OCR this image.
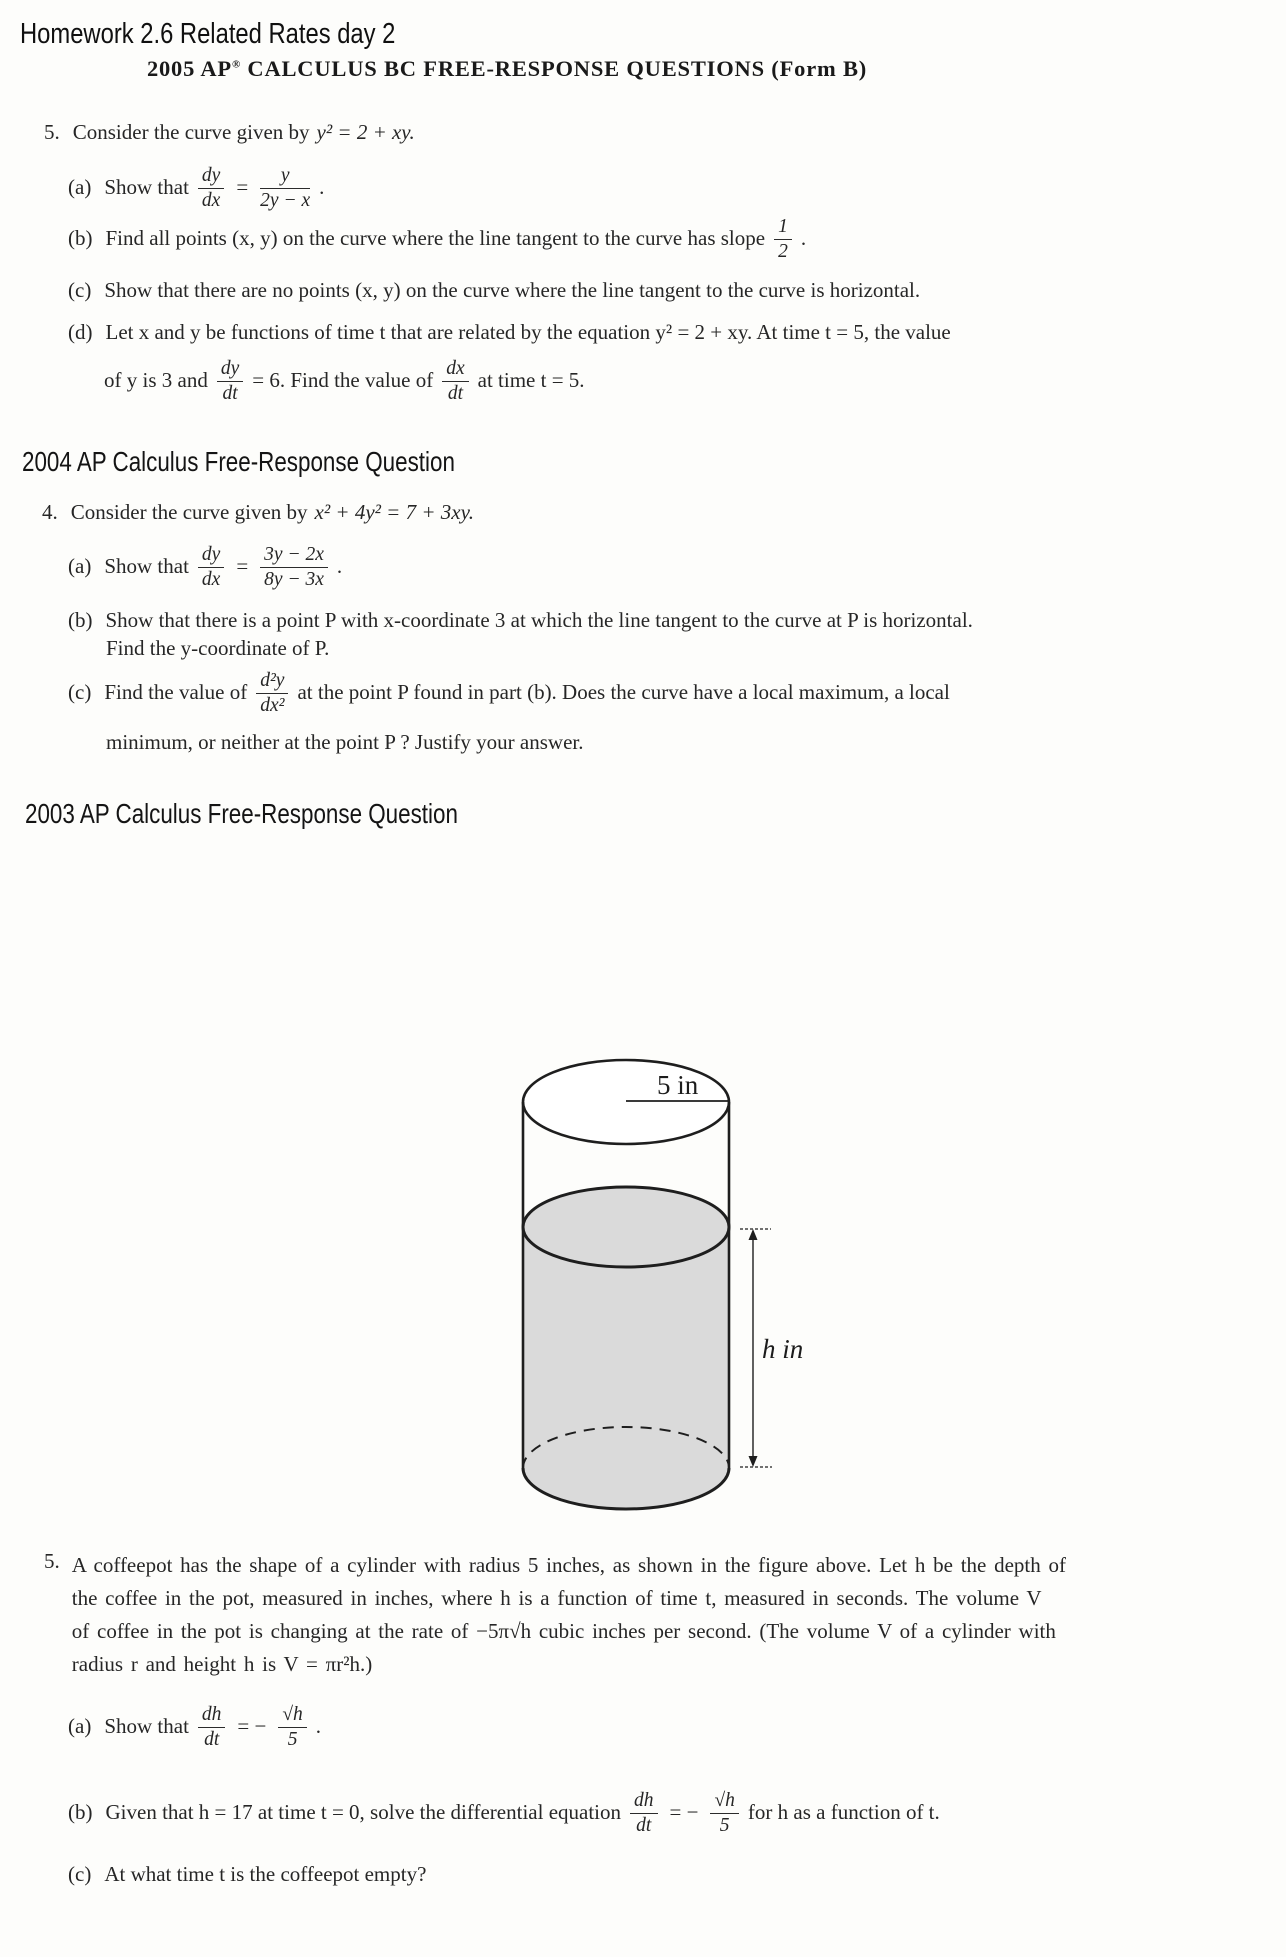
Homework 2.6 Related Rates day 2
2005 AP® CALCULUS BC FREE-RESPONSE QUESTIONS (Form B)
5. Consider the curve given by y² = 2 + xy.
(a) Show that $\frac{dy}{dx} = \frac{y}{2y - x}$ .
(b) Find all points (x, y) on the curve where the line tangent to the curve has slope $\frac{1}{2}$ .
(c) Show that there are no points (x, y) on the curve where the line tangent to the curve is horizontal.
(d) Let x and y be functions of time t that are related by the equation y² = 2 + xy. At time t = 5, the value
of y is 3 and $\frac{dy}{dt} = 6$. Find the value of $\frac{dx}{dt}$ at time t = 5.
2004 AP Calculus Free-Response Question
4. Consider the curve given by x² + 4y² = 7 + 3xy.
(a) Show that $\frac{dy}{dx} = \frac{3y - 2x}{8y - 3x}$ .
(b) Show that there is a point P with x-coordinate 3 at which the line tangent to the curve at P is horizontal.
Find the y-coordinate of P.
(c) Find the value of $\frac{\text{d²y}}{\text{dx²}}$ at the point P found in part (b). Does the curve have a local maximum, a local
minimum, or neither at the point P ? Justify your answer.
2003 AP Calculus Free-Response Question
5 in
h in
5. A coffeepot has the shape of a cylinder with radius 5 inches, as shown in the figure above. Let h be the depth of
the coffee in the pot, measured in inches, where h is a function of time t, measured in seconds. The volume V
of coffee in the pot is changing at the rate of −5π√h cubic inches per second. (The volume V of a cylinder with
radius r and height h is V = πr²h.)
(a) Show that $\frac{dh}{dt}$ = − $\frac{√h}{5}$ .
(b) Given that h = 17 at time t = 0, solve the differential equation $\frac{dh}{dt}$ = − $\frac{√h}{5}$ for h as a function of t.
(c) At what time t is the coffeepot empty?
